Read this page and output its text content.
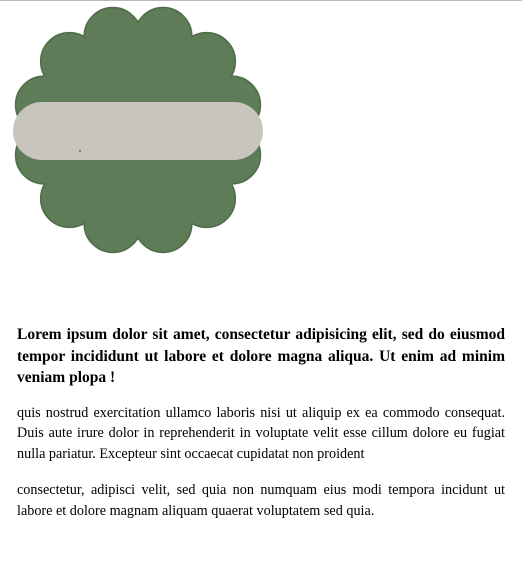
Lorem ipsum dolor sit amet, consectetur adipisicing elit, sed do eiusmod tempor incididunt ut labore et dolore magna aliqua. Ut enim ad minim veniam plopa !

quis nostrud exercitation ullamco laboris nisi ut aliquip ex ea commodo consequat. Duis aute irure dolor in reprehenderit in voluptate velit esse cillum dolore eu fugiat nulla pariatur. Excepteur sint occaecat cupidatat non proident

consectetur, adipisci velit, sed quia non numquam eius modi tempora incidunt ut labore et dolore magnam aliquam quaerat voluptatem sed quia.
